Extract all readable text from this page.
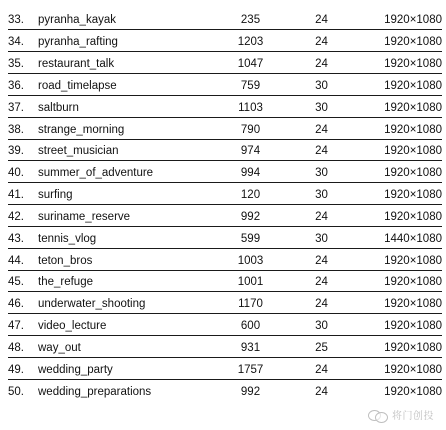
33.	pyranha_kayak	235	24	1920×1080
34.	pyranha_rafting	1203	24	1920×1080
35.	restaurant_talk	1047	24	1920×1080
36.	road_timelapse	759	30	1920×1080
37.	saltburn	1103	30	1920×1080
38.	strange_morning	790	24	1920×1080
39.	street_musician	974	24	1920×1080
40.	summer_of_adventure	994	30	1920×1080
41.	surfing	120	30	1920×1080
42.	suriname_reserve	992	24	1920×1080
43.	tennis_vlog	599	30	1440×1080
44.	teton_bros	1003	24	1920×1080
45.	the_refuge	1001	24	1920×1080
46.	underwater_shooting	1170	24	1920×1080
47.	video_lecture	600	30	1920×1080
48.	way_out	931	25	1920×1080
49.	wedding_party	1757	24	1920×1080
50.	wedding_preparations	992	24	1920×1080
将门创投
